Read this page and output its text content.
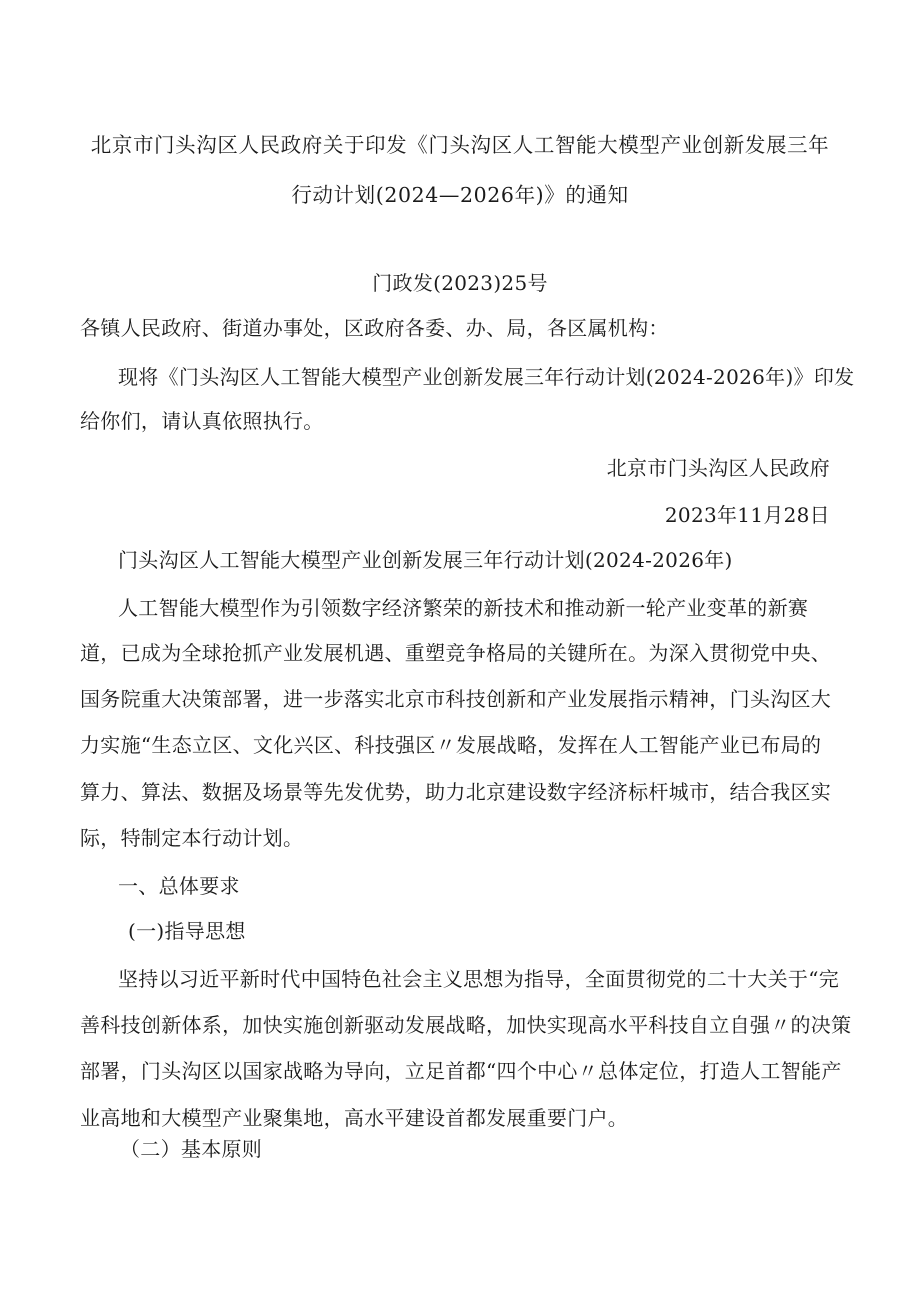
北京市门头沟区人民政府关于印发《门头沟区人工智能大模型产业创新发展三年
行动计划(2024—2026年)》的通知
门政发(2023)25号
各镇人民政府、街道办事处，区政府各委、办、局，各区属机构：
现将《门头沟区人工智能大模型产业创新发展三年行动计划(2024-2026年)》印发
给你们，请认真依照执行。
北京市门头沟区人民政府
2023年11月28日
门头沟区人工智能大模型产业创新发展三年行动计划(2024-2026年)
人工智能大模型作为引领数字经济繁荣的新技术和推动新一轮产业变革的新赛
道，已成为全球抢抓产业发展机遇、重塑竞争格局的关键所在。为深入贯彻党中央、
国务院重大决策部署，进一步落实北京市科技创新和产业发展指示精神，门头沟区大
力实施“生态立区、文化兴区、科技强区〃发展战略，发挥在人工智能产业已布局的
算力、算法、数据及场景等先发优势，助力北京建设数字经济标杆城市，结合我区实
际，特制定本行动计划。
一、总体要求
(一)指导思想
坚持以习近平新时代中国特色社会主义思想为指导，全面贯彻党的二十大关于“完
善科技创新体系，加快实施创新驱动发展战略，加快实现高水平科技自立自强〃的决策
部署，门头沟区以国家战略为导向，立足首都“四个中心〃总体定位，打造人工智能产
业高地和大模型产业聚集地，高水平建设首都发展重要门户。
（二）基本原则
